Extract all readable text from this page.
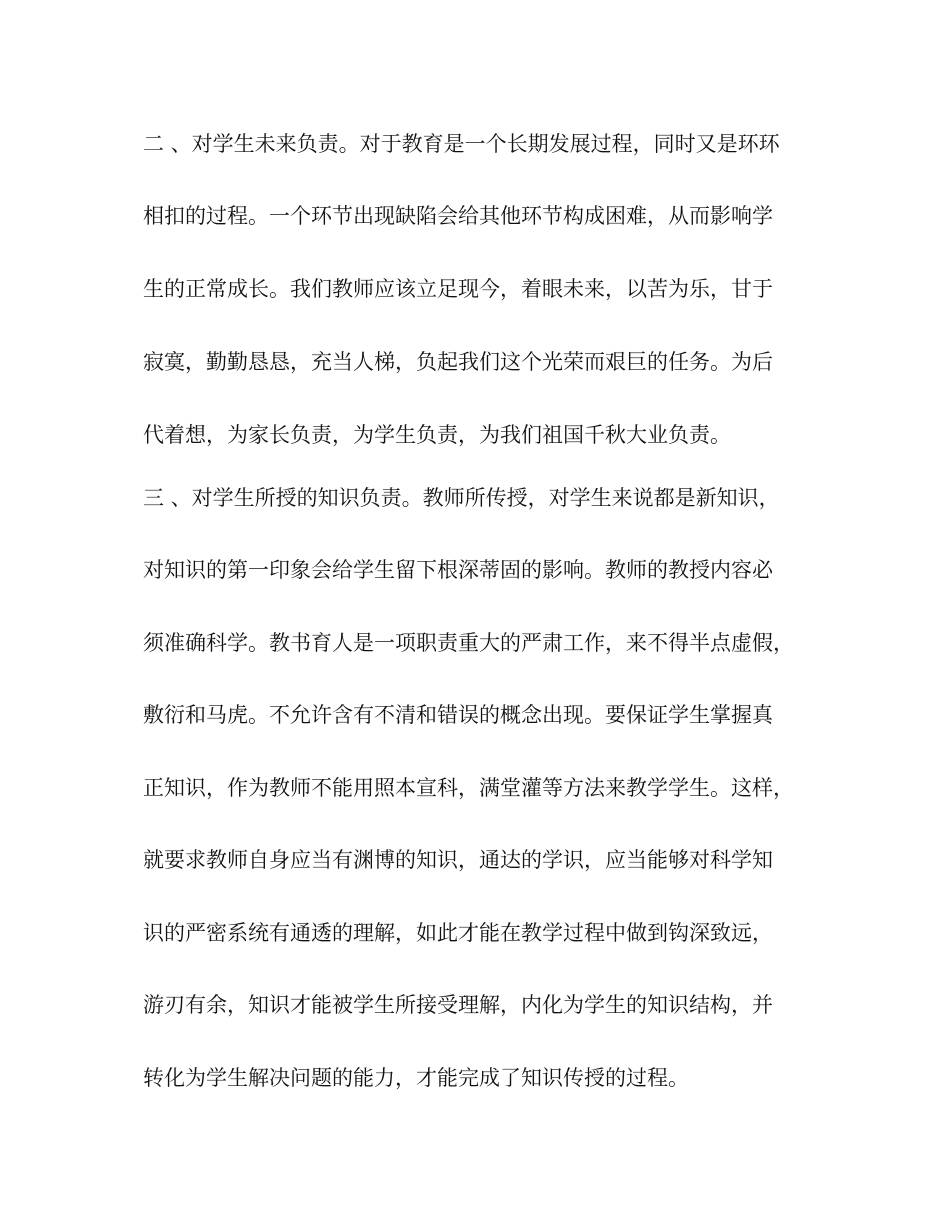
二 、对学生未来负责。对于教育是一个长期发展过程，同时又是环环
相扣的过程。一个环节出现缺陷会给其他环节构成困难，从而影响学
生的正常成长。我们教师应该立足现今，着眼未来，以苦为乐，甘于
寂寞，勤勤恳恳，充当人梯，负起我们这个光荣而艰巨的任务。为后
代着想，为家长负责，为学生负责，为我们祖国千秋大业负责。
三 、对学生所授的知识负责。教师所传授，对学生来说都是新知识，
对知识的第一印象会给学生留下根深蒂固的影响。教师的教授内容必
须准确科学。教书育人是一项职责重大的严肃工作，来不得半点虚假，
敷衍和马虎。不允许含有不清和错误的概念出现。要保证学生掌握真
正知识，作为教师不能用照本宣科，满堂灌等方法来教学学生。这样，
就要求教师自身应当有渊博的知识，通达的学识，应当能够对科学知
识的严密系统有通透的理解，如此才能在教学过程中做到钩深致远，
游刃有余，知识才能被学生所接受理解，内化为学生的知识结构，并
转化为学生解决问题的能力，才能完成了知识传授的过程。
